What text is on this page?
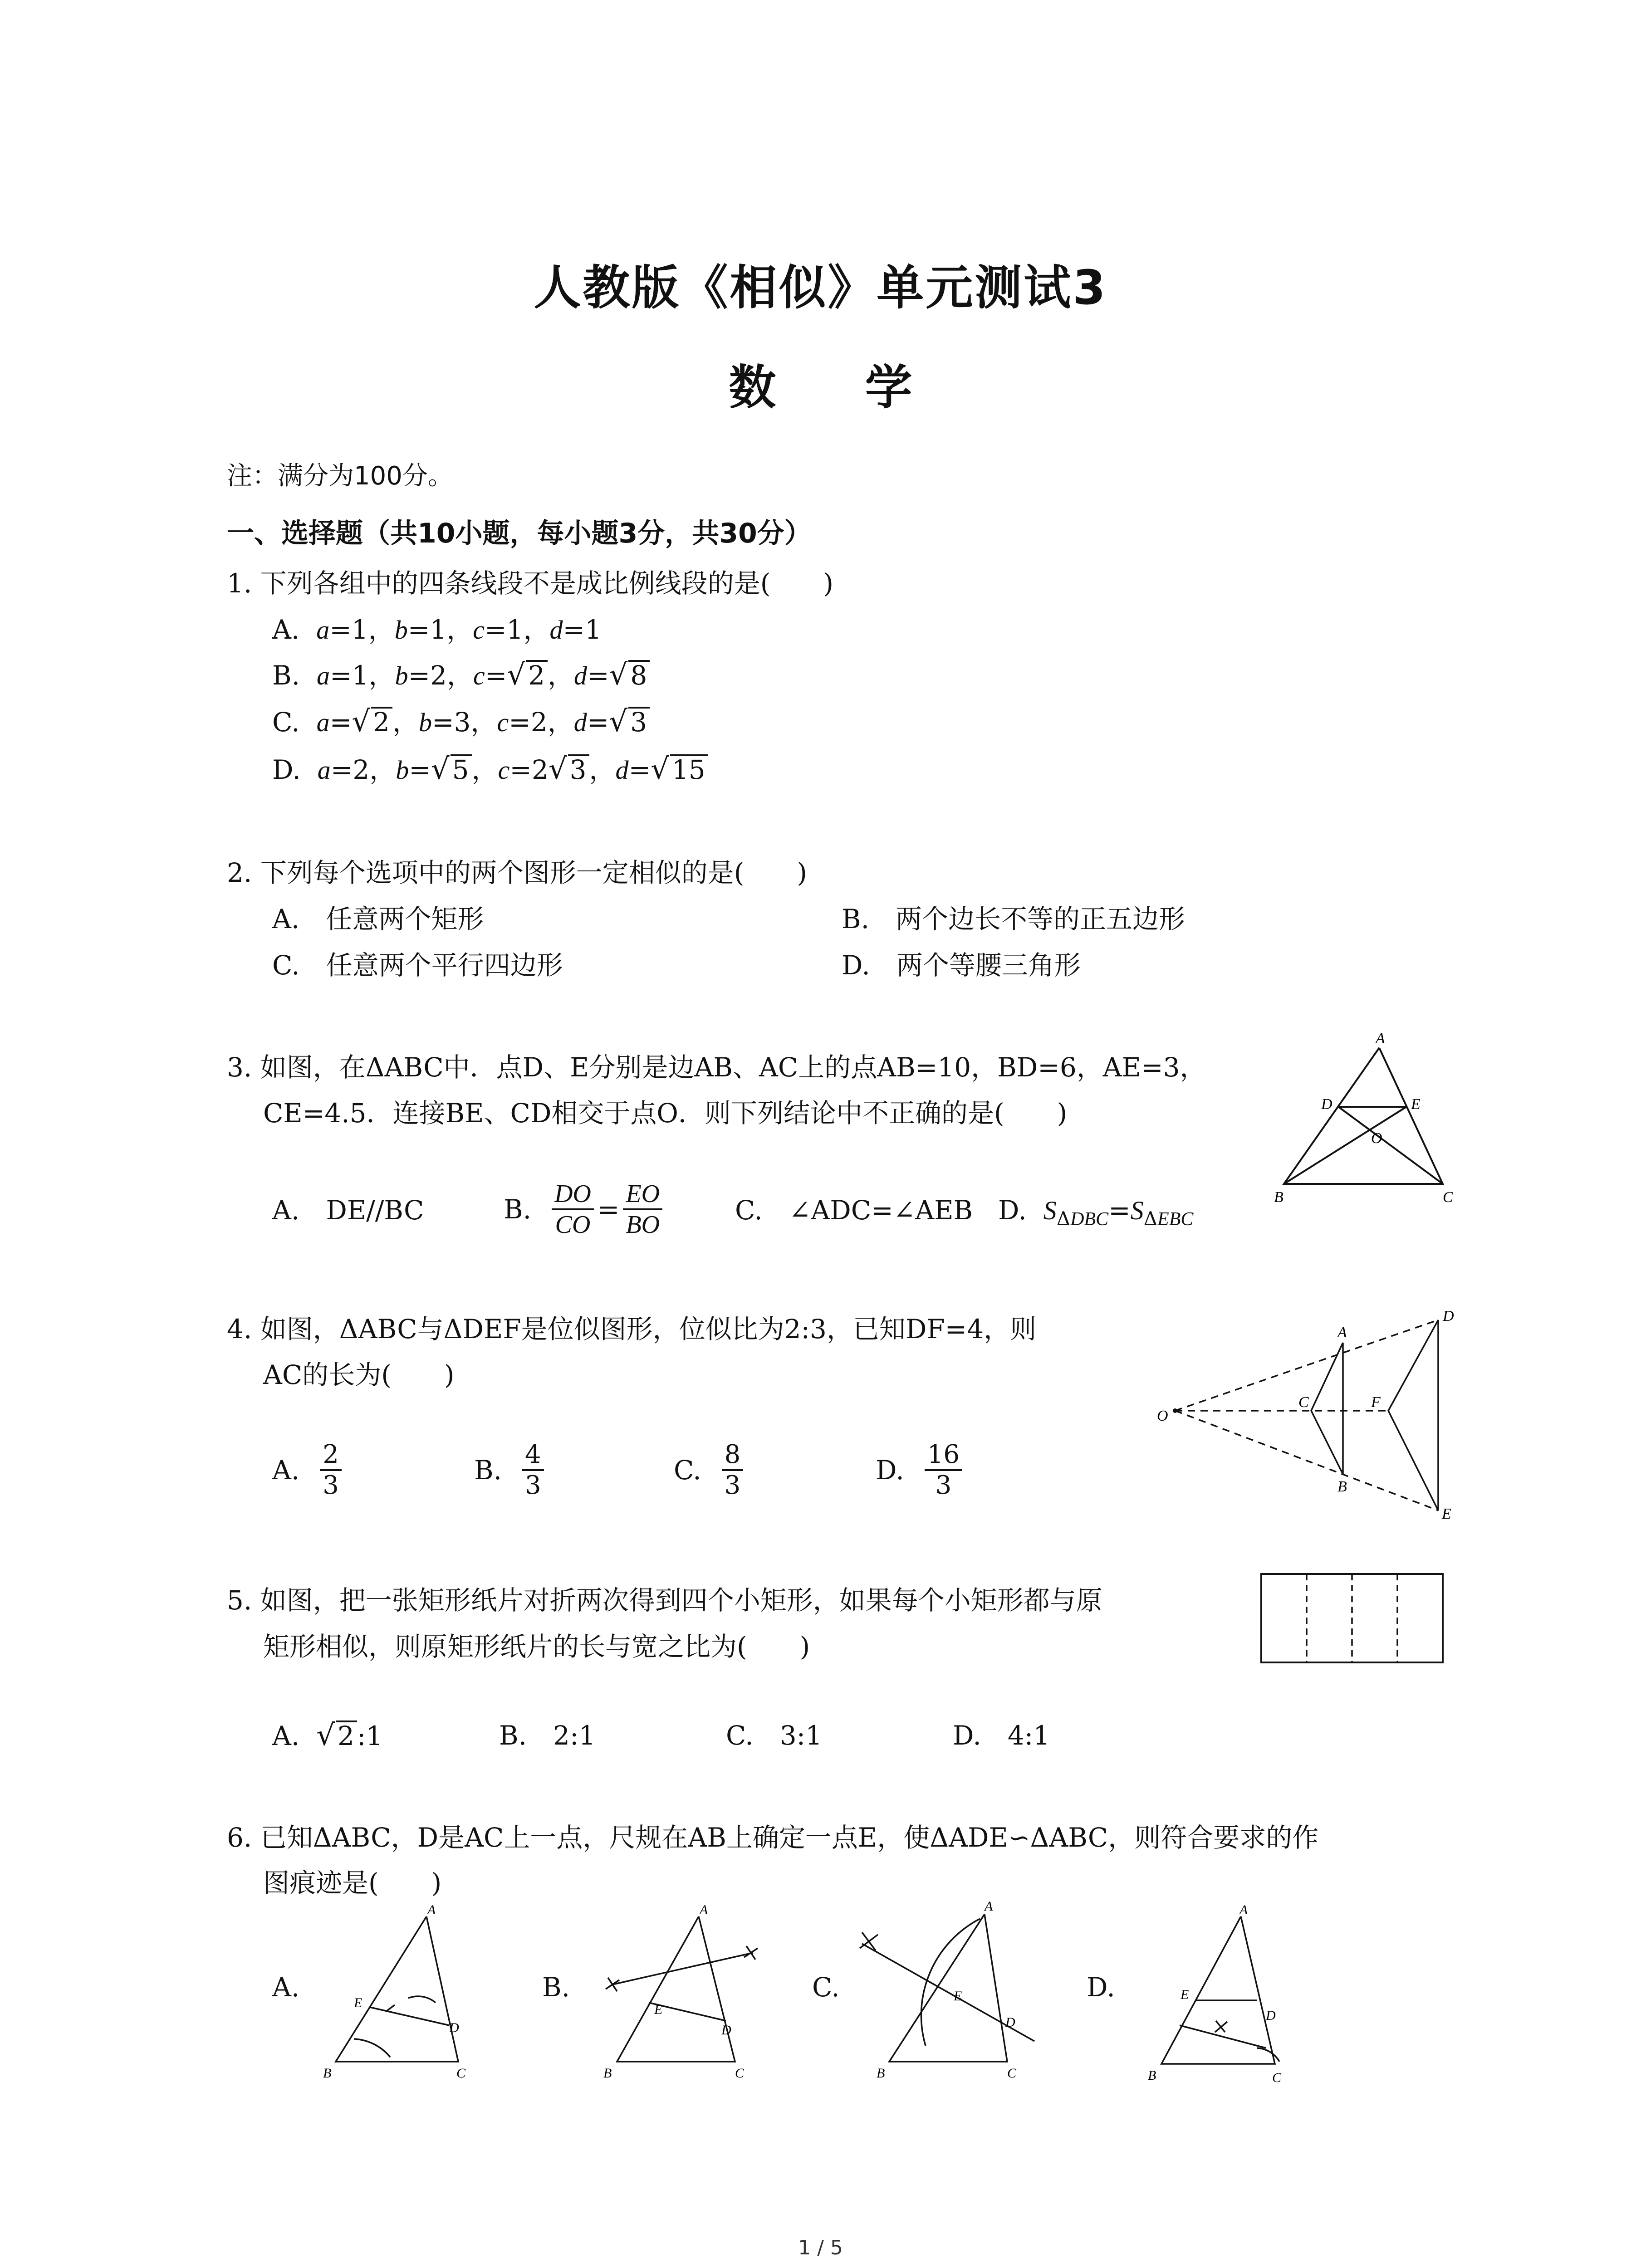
人教版《相似》单元测试3
数 学
注：满分为100分。
一、选择题（共10小题，每小题3分，共30分）
1. 下列各组中的四条线段不是成比例线段的是(　　)
A. a=1，b=1，c=1，d=1
B. a=1，b=2，c=√ 2 ，d=√ 8
C. a=√ 2 ，b=3，c=2，d=√ 3
D. a=2，b=√ 5 ，c=2√ 3 ，d=√ 15
2. 下列每个选项中的两个图形一定相似的是(　　)
A.　任意两个矩形	B.　两个边长不等的正五边形
C.　任意两个平行四边形	D.　两个等腰三角形
3. 如图，在ΔABC中．点D、E分别是边AB、AC上的点AB=10，BD=6，AE=3，
CE=4.5．连接BE、CD相交于点O．则下列结论中不正确的是(　　)
A.　DE//BC	B.
$\frac{DO}{CO} = \frac{EO}{BO}$	C.　∠ADC=∠AEB D. $S_{\Delta DBC}=S_{\Delta EBC}$
A
D	E
O
B	C
4. 如图，ΔABC与ΔDEF是位似图形，位似比为2:3，已知DF=4，则
AC的长为(　　)
A.
$\frac{2}{3}$	B.
$\frac{4}{3}$	C.
$\frac{8}{3}$	D.
$\frac{16}{3}$
O
A
C
B
D
F
E
5. 如图，把一张矩形纸片对折两次得到四个小矩形，如果每个小矩形都与原
矩形相似，则原矩形纸片的长与宽之比为(　　)
A. √ 2 :1	B.　2:1	C.　3:1	D.　4:1
6. 已知ΔABC，D是AC上一点，尺规在AB上确定一点E，使ΔADE∽ΔABC，则符合要求的作
图痕迹是(　　)
A.
A
E
D
B	C
B.
A
E
D
B	C
C.
A
E
D
B	C
D.
A
E
D
B	C
1 / 5
